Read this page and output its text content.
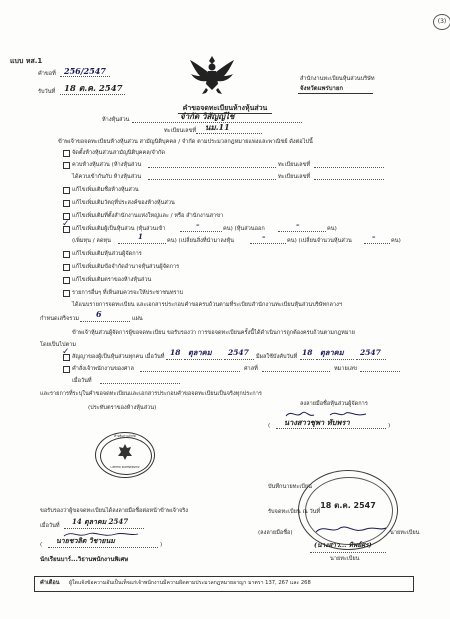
(3)
แบบ หส.1
คำขอที่ 256/2547
รับวันที่ 18 ต.ค. 2547
สำนักงานทะเบียนหุ้นส่วนบริษัท
จังหวัดแพร่บายก
คำขอจดทะเบียนห้างหุ้นส่วน
ห้างหุ้นส่วน	จำกัด วิสัญญ์ไช
ทะเบียนเลขที่ นม.11
ข้าพเจ้าขอจดทะเบียนห้างหุ้นส่วน สามัญนิติบุคคล / จำกัด ตามประมวลกฎหมายแพ่งและพาณิชย์ ดังต่อไปนี้
จัดตั้งห้างหุ้นส่วนสามัญนิติบุคคล/จำกัด
ควบห้างหุ้นส่วน (ห้างหุ้นส่วน	ทะเบียนเลขที่
ได้ควบเข้ากันกับ ห้างหุ้นส่วน	ทะเบียนเลขที่
แก้ไขเพิ่มเติมชื่อห้างหุ้นส่วน
แก้ไขเพิ่มเติมวัตถุที่ประสงค์ของห้างหุ้นส่วน
แก้ไขเพิ่มเติมที่ตั้งสำนักงานแห่งใหญ่และ / หรือ สำนักงานสาขา
✓ แก้ไขเพิ่มเติมผู้เป็นหุ้นส่วน (หุ้นส่วนเข้า	–	คน) (หุ้นส่วนออก	–	คน)
(เพิ่มทุน / ลดทุน	1	คน) (เปลี่ยนสิ่งที่นำมาลงหุ้น	–	คน) (เปลี่ยนจำนวนหุ้นส่วน	–	คน)
แก้ไขเพิ่มเติมหุ้นส่วนผู้จัดการ
แก้ไขเพิ่มเติมข้อจำกัดอำนาจหุ้นส่วนผู้จัดการ
แก้ไขเพิ่มเติมตราของห้างหุ้นส่วน
รายการอื่นๆ ที่เห็นสมควรจะให้ประชาชนทราบ
ได้แนบรายการจดทะเบียน และเอกสารประกอบคำขอครบถ้วนตามที่ระเบียบสำนักงานทะเบียนหุ้นส่วนบริษัทกลางฯ
กำหนดเสร็จรวม 6	แผ่น
ข้าพเจ้าหุ้นส่วนผู้จัดการผู้ขอจดทะเบียน ขอรับรองว่า การขอจดทะเบียนครั้งนี้ได้ดำเนินการถูกต้องครบถ้วนตามกฎหมาย
โดยเป็นไปตาม
✓ สัญญาของผู้เป็นหุ้นส่วนทุกคน เมื่อวันที่ 18 ตุลาคม 2547 มีผลใช้บังคับวันที่ 18 ตุลาคม 2547
คำสั่งเจ้าพนักงานของศาล	ศาลที่	หมายเลข
เมื่อวันที่
และรายการที่ระบุในคำขอจดทะเบียนและเอกสารประกอบคำขอจดทะเบียนเป็นจริงทุกประการ
(ประทับตราของห้างหุ้นส่วน)
ลงลายมือชื่อหุ้นส่วนผู้จัดการ
( นางสาวชุพา ทับพรา	)
ห้างหุ้นส่วนจำกัด
LIMITED PARTNERSHIP
บันทึกนายทะเบียน
18 ต.ค. 2547
ขอรับรองว่าผู้ขอจดทะเบียนได้ลงลายมือชื่อต่อหน้าข้าพเจ้าจริง
เมื่อวันที่ 14 ตุลาคม 2547
( นายชวลิต วิชายนม	)
นักเรียนบาร์...วิธานพนักงานพิเศษ
รับจดทะเบียน ณ วันที่
(ลงลายมือชื่อ)	นายทะเบียน
(นางสาว... ทิพย์ศร)
นายทะเบียน
คำเตือน ผู้ใดแจ้งข้อความอันเป็นเท็จแก่เจ้าพนักงานมีความผิดตามประมวลกฎหมายอาญา มาตรา 137, 267 และ 268
